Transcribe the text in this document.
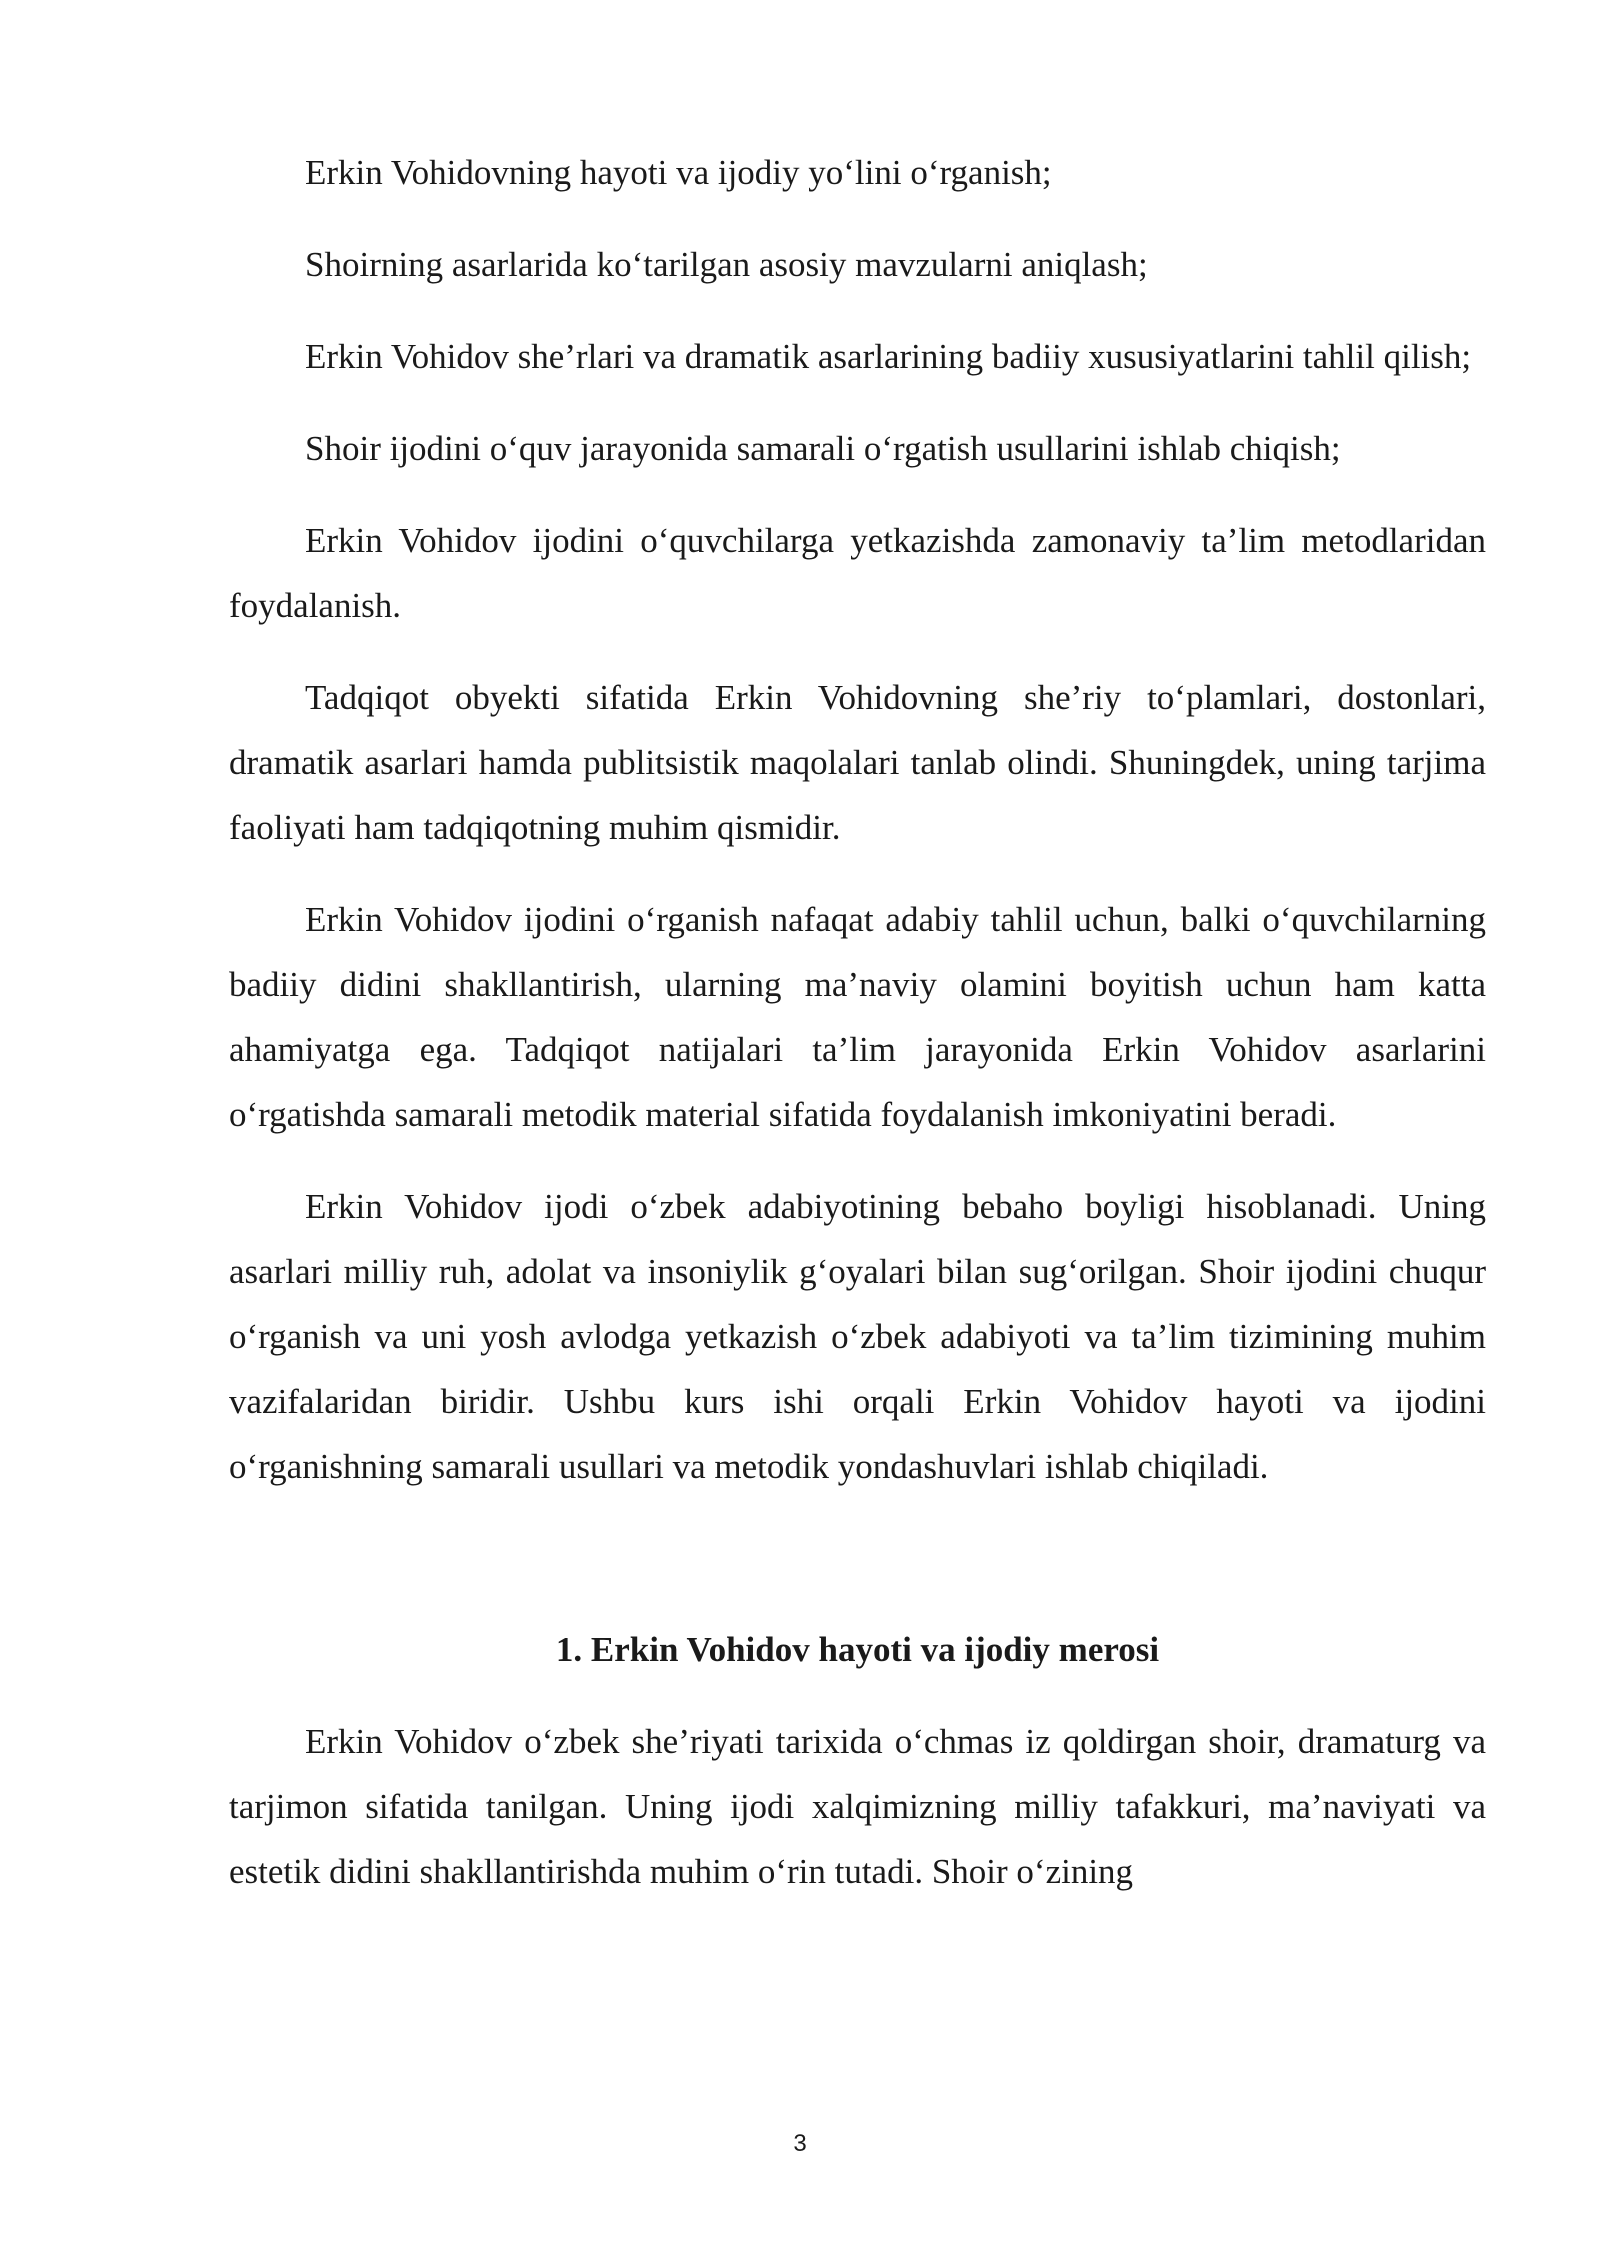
Erkin Vohidovning hayoti va ijodiy yo‘lini o‘rganish;

Shoirning asarlarida ko‘tarilgan asosiy mavzularni aniqlash;

Erkin Vohidov she’rlari va dramatik asarlarining badiiy xususiyatlarini tahlil qilish;

Shoir ijodini o‘quv jarayonida samarali o‘rgatish usullarini ishlab chiqish;

Erkin Vohidov ijodini o‘quvchilarga yetkazishda zamonaviy ta’lim metodlaridan foydalanish.

Tadqiqot obyekti sifatida Erkin Vohidovning she’riy to‘plamlari, dostonlari, dramatik asarlari hamda publitsistik maqolalari tanlab olindi. Shuningdek, uning tarjima faoliyati ham tadqiqotning muhim qismidir.

Erkin Vohidov ijodini o‘rganish nafaqat adabiy tahlil uchun, balki o‘quvchilarning badiiy didini shakllantirish, ularning ma’naviy olamini boyitish uchun ham katta ahamiyatga ega. Tadqiqot natijalari ta’lim jarayonida Erkin Vohidov asarlarini o‘rgatishda samarali metodik material sifatida foydalanish imkoniyatini beradi.

Erkin Vohidov ijodi o‘zbek adabiyotining bebaho boyligi hisoblanadi. Uning asarlari milliy ruh, adolat va insoniylik g‘oyalari bilan sug‘orilgan. Shoir ijodini chuqur o‘rganish va uni yosh avlodga yetkazish o‘zbek adabiyoti va ta’lim tizimining muhim vazifalaridan biridir. Ushbu kurs ishi orqali Erkin Vohidov hayoti va ijodini o‘rganishning samarali usullari va metodik yondashuvlari ishlab chiqiladi.

1. Erkin Vohidov hayoti va ijodiy merosi

Erkin Vohidov o‘zbek she’riyati tarixida o‘chmas iz qoldirgan shoir, dramaturg va tarjimon sifatida tanilgan. Uning ijodi xalqimizning milliy tafakkuri, ma’naviyati va estetik didini shakllantirishda muhim o‘rin tutadi. Shoir o‘zining

3
